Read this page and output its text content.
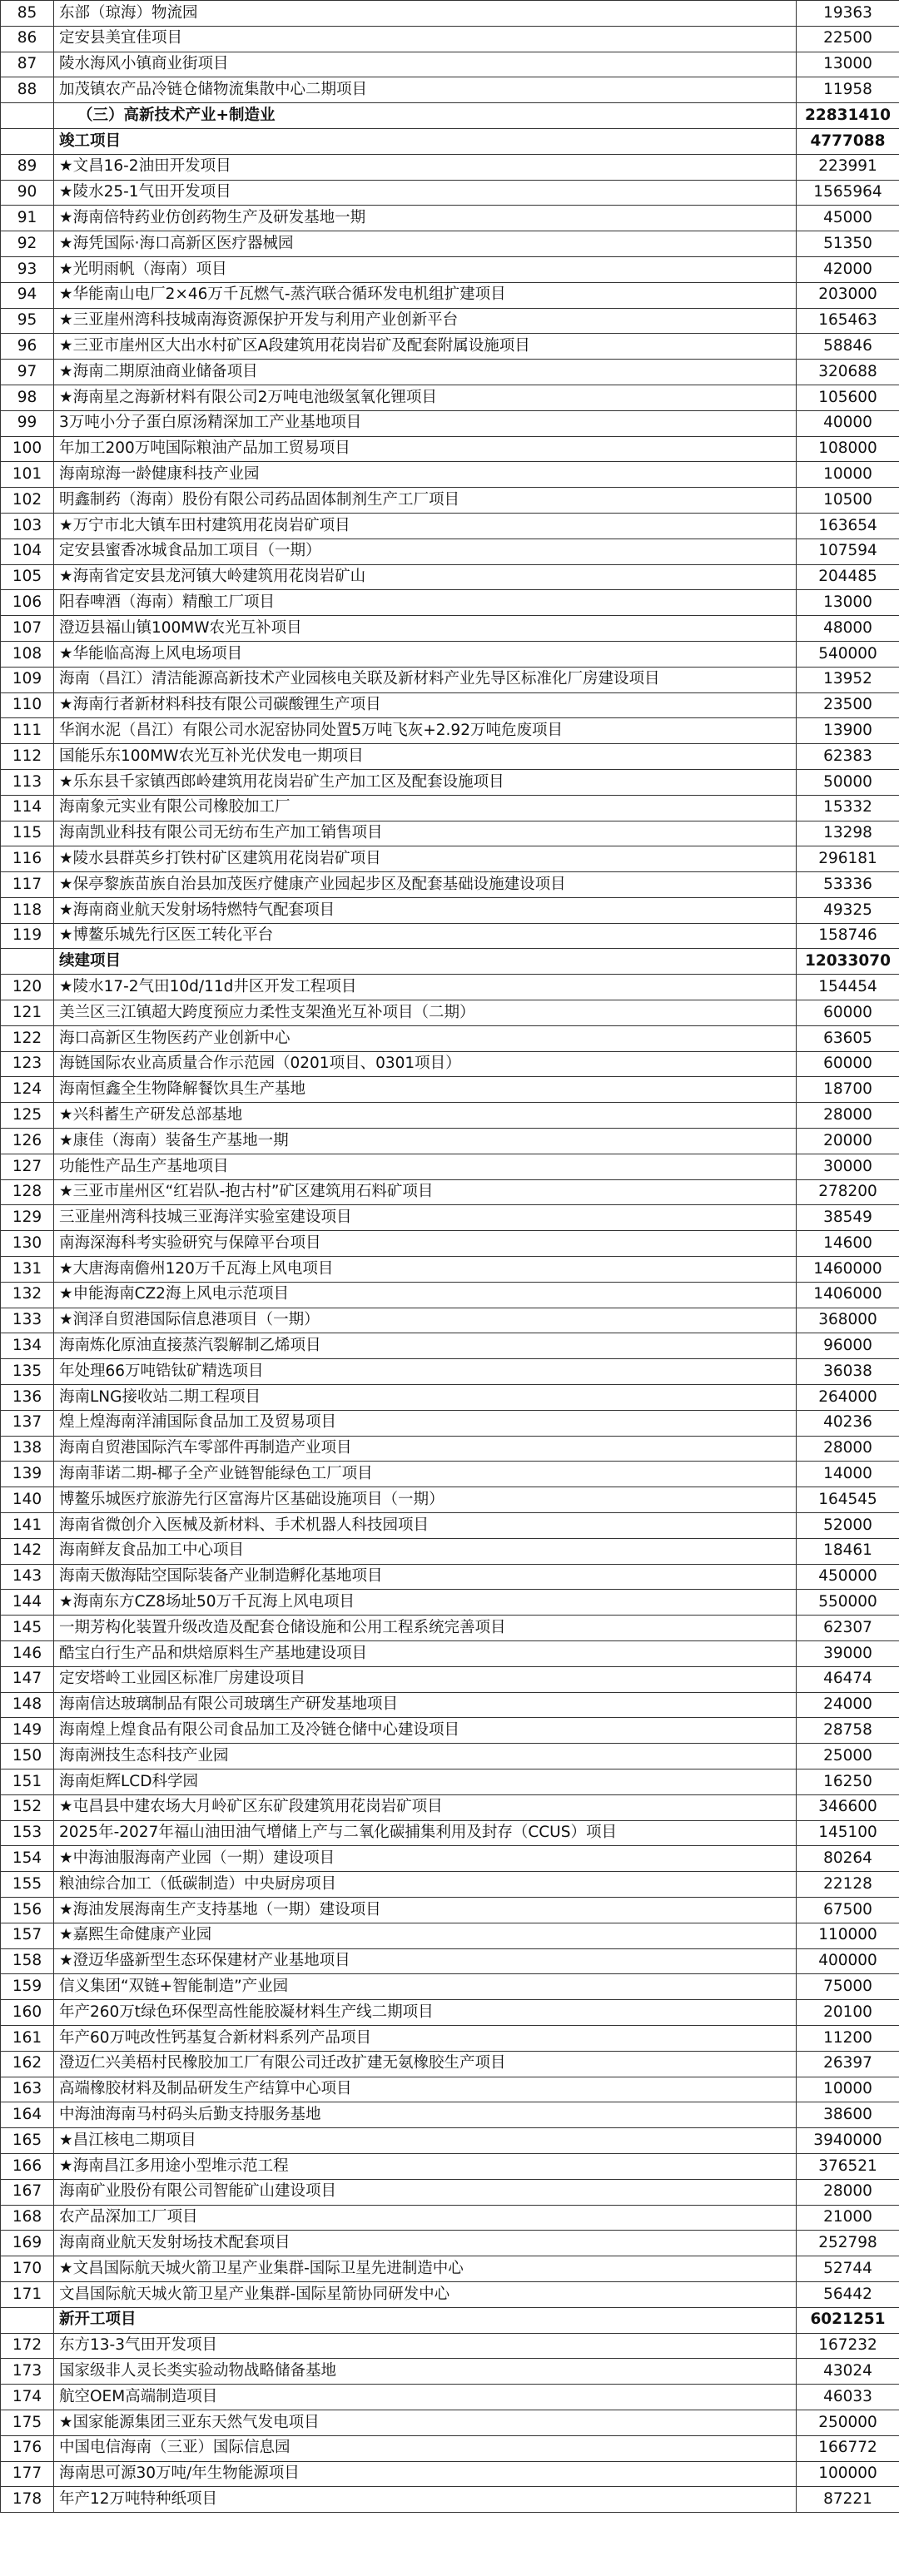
85	东部（琼海）物流园	19363
86	定安县美宜佳项目	22500
87	陵水海风小镇商业街项目	13000
88	加茂镇农产品冷链仓储物流集散中心二期项目	11958
	（三）高新技术产业+制造业	22831410
	竣工项目	4777088
89	★文昌16-2油田开发项目	223991
90	★陵水25-1气田开发项目	1565964
91	★海南倍特药业仿创药物生产及研发基地一期	45000
92	★海凭国际·海口高新区医疗器械园	51350
93	★光明雨帆（海南）项目	42000
94	★华能南山电厂2×46万千瓦燃气-蒸汽联合循环发电机组扩建项目	203000
95	★三亚崖州湾科技城南海资源保护开发与利用产业创新平台	165463
96	★三亚市崖州区大出水村矿区A段建筑用花岗岩矿及配套附属设施项目	58846
97	★海南二期原油商业储备项目	320688
98	★海南星之海新材料有限公司2万吨电池级氢氧化锂项目	105600
99	3万吨小分子蛋白原汤精深加工产业基地项目	40000
100	年加工200万吨国际粮油产品加工贸易项目	108000
101	海南琼海一龄健康科技产业园	10000
102	明鑫制药（海南）股份有限公司药品固体制剂生产工厂项目	10500
103	★万宁市北大镇车田村建筑用花岗岩矿项目	163654
104	定安县蜜香冰城食品加工项目（一期）	107594
105	★海南省定安县龙河镇大岭建筑用花岗岩矿山	204485
106	阳春啤酒（海南）精酿工厂项目	13000
107	澄迈县福山镇100MW农光互补项目	48000
108	★华能临高海上风电场项目	540000
109	海南（昌江）清洁能源高新技术产业园核电关联及新材料产业先导区标准化厂房建设项目	13952
110	★海南行者新材料科技有限公司碳酸锂生产项目	23500
111	华润水泥（昌江）有限公司水泥窑协同处置5万吨飞灰+2.92万吨危废项目	13900
112	国能乐东100MW农光互补光伏发电一期项目	62383
113	★乐东县千家镇西郎岭建筑用花岗岩矿生产加工区及配套设施项目	50000
114	海南象元实业有限公司橡胶加工厂	15332
115	海南凯业科技有限公司无纺布生产加工销售项目	13298
116	★陵水县群英乡打铁村矿区建筑用花岗岩矿项目	296181
117	★保亭黎族苗族自治县加茂医疗健康产业园起步区及配套基础设施建设项目	53336
118	★海南商业航天发射场特燃特气配套项目	49325
119	★博鳌乐城先行区医工转化平台	158746
	续建项目	12033070
120	★陵水17-2气田10d/11d井区开发工程项目	154454
121	美兰区三江镇超大跨度预应力柔性支架渔光互补项目（二期）	60000
122	海口高新区生物医药产业创新中心	63605
123	海链国际农业高质量合作示范园（0201项目、0301项目）	60000
124	海南恒鑫全生物降解餐饮具生产基地	18700
125	★兴科蓄生产研发总部基地	28000
126	★康佳（海南）装备生产基地一期	20000
127	功能性产品生产基地项目	30000
128	★三亚市崖州区“红岩队-抱古村”矿区建筑用石料矿项目	278200
129	三亚崖州湾科技城三亚海洋实验室建设项目	38549
130	南海深海科考实验研究与保障平台项目	14600
131	★大唐海南儋州120万千瓦海上风电项目	1460000
132	★申能海南CZ2海上风电示范项目	1406000
133	★润泽自贸港国际信息港项目（一期）	368000
134	海南炼化原油直接蒸汽裂解制乙烯项目	96000
135	年处理66万吨锆钛矿精选项目	36038
136	海南LNG接收站二期工程项目	264000
137	煌上煌海南洋浦国际食品加工及贸易项目	40236
138	海南自贸港国际汽车零部件再制造产业项目	28000
139	海南菲诺二期-椰子全产业链智能绿色工厂项目	14000
140	博鳌乐城医疗旅游先行区富海片区基础设施项目（一期）	164545
141	海南省微创介入医械及新材料、手术机器人科技园项目	52000
142	海南鲜友食品加工中心项目	18461
143	海南天傲海陆空国际装备产业制造孵化基地项目	450000
144	★海南东方CZ8场址50万千瓦海上风电项目	550000
145	一期芳构化装置升级改造及配套仓储设施和公用工程系统完善项目	62307
146	酷宝白行生产品和烘焙原料生产基地建设项目	39000
147	定安塔岭工业园区标准厂房建设项目	46474
148	海南信达玻璃制品有限公司玻璃生产研发基地项目	24000
149	海南煌上煌食品有限公司食品加工及冷链仓储中心建设项目	28758
150	海南洲技生态科技产业园	25000
151	海南炬辉LCD科学园	16250
152	★屯昌县中建农场大月岭矿区东矿段建筑用花岗岩矿项目	346600
153	2025年-2027年福山油田油气增储上产与二氧化碳捕集利用及封存（CCUS）项目	145100
154	★中海油服海南产业园（一期）建设项目	80264
155	粮油综合加工（低碳制造）中央厨房项目	22128
156	★海油发展海南生产支持基地（一期）建设项目	67500
157	★嘉熙生命健康产业园	110000
158	★澄迈华盛新型生态环保建材产业基地项目	400000
159	信义集团“双链+智能制造”产业园	75000
160	年产260万t绿色环保型高性能胶凝材料生产线二期项目	20100
161	年产60万吨改性钙基复合新材料系列产品项目	11200
162	澄迈仁兴美梧村民橡胶加工厂有限公司迁改扩建无氨橡胶生产项目	26397
163	高端橡胶材料及制品研发生产结算中心项目	10000
164	中海油海南马村码头后勤支持服务基地	38600
165	★昌江核电二期项目	3940000
166	★海南昌江多用途小型堆示范工程	376521
167	海南矿业股份有限公司智能矿山建设项目	28000
168	农产品深加工厂项目	21000
169	海南商业航天发射场技术配套项目	252798
170	★文昌国际航天城火箭卫星产业集群-国际卫星先进制造中心	52744
171	文昌国际航天城火箭卫星产业集群-国际星箭协同研发中心	56442
	新开工项目	6021251
172	东方13-3气田开发项目	167232
173	国家级非人灵长类实验动物战略储备基地	43024
174	航空OEM高端制造项目	46033
175	★国家能源集团三亚东天然气发电项目	250000
176	中国电信海南（三亚）国际信息园	166772
177	海南思可源30万吨/年生物能源项目	100000
178	年产12万吨特种纸项目	87221
